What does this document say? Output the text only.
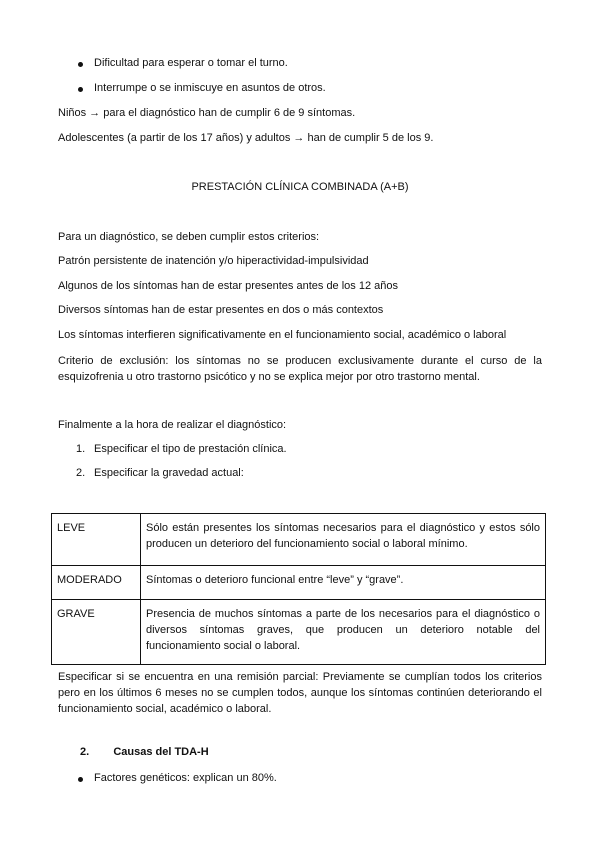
Dificultad para esperar o tomar el turno.
Interrumpe o se inmiscuye en asuntos de otros.
Niños → para el diagnóstico han de cumplir 6 de 9 síntomas.
Adolescentes (a partir de los 17 años) y adultos → han de cumplir 5 de los 9.
PRESTACIÓN CLÍNICA COMBINADA (A+B)
Para un diagnóstico, se deben cumplir estos criterios:
Patrón persistente de inatención y/o hiperactividad-impulsividad
Algunos de los síntomas han de estar presentes antes de los 12 años
Diversos síntomas han de estar presentes en dos o más contextos
Los síntomas interfieren significativamente en el funcionamiento social, académico o laboral
Criterio de exclusión: los síntomas no se producen exclusivamente durante el curso de la esquizofrenia u otro trastorno psicótico y no se explica mejor por otro trastorno mental.
Finalmente a la hora de realizar el diagnóstico:
1. Especificar el tipo de prestación clínica.
2. Especificar la gravedad actual:
LEVE	Sólo están presentes los síntomas necesarios para el diagnóstico y estos sólo producen un deterioro del funcionamiento social o laboral mínimo.
MODERADO	Síntomas o deterioro funcional entre “leve” y “grave”.
GRAVE	Presencia de muchos síntomas a parte de los necesarios para el diagnóstico o diversos síntomas graves, que producen un deterioro notable del funcionamiento social o laboral.
Especificar si se encuentra en una remisión parcial: Previamente se cumplían todos los criterios pero en los últimos 6 meses no se cumplen todos, aunque los síntomas continúen deteriorando el funcionamiento social, académico o laboral.
2. Causas del TDA-H
Factores genéticos: explican un 80%.
